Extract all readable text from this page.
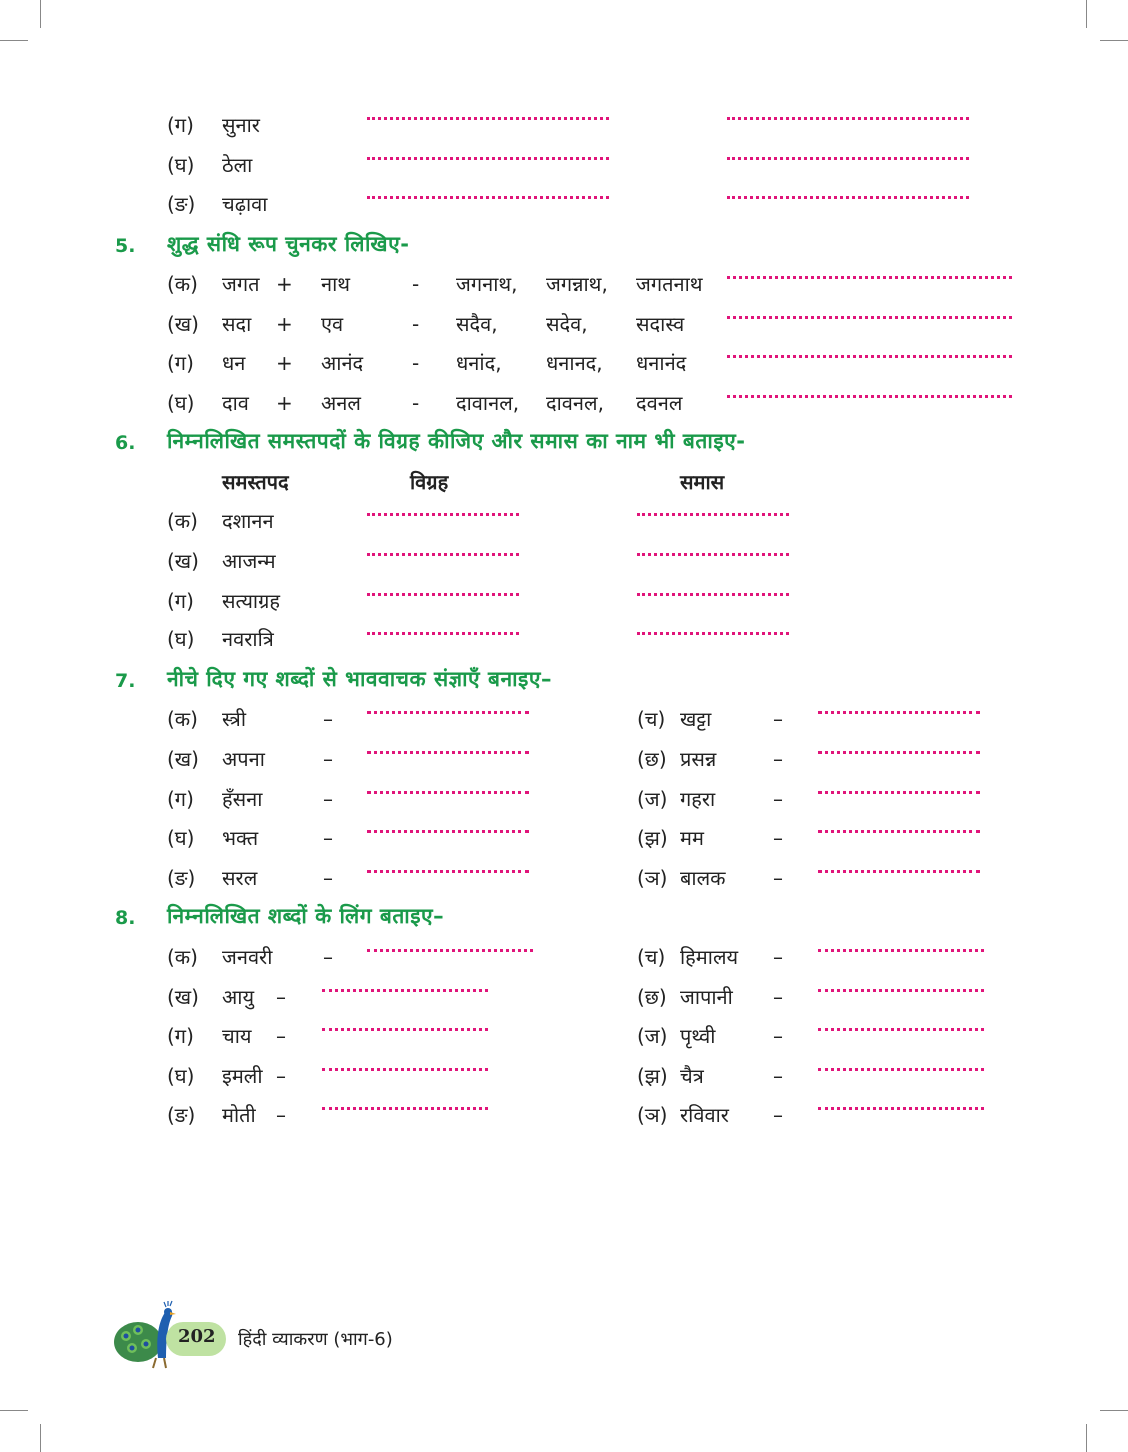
(ग) सुनार
(घ) ठेला
(ङ) चढ़ावा
5. शुद्ध संधि रूप चुनकर लिखिए-
(क) जगत + नाथ	- जगनाथ, जगन्नाथ, जगतनाथ
(ख) सदा + एव	- सदैव, सदेव, सदास्व
(ग) धन + आनंद - धनांद, धनानद, धनानंद
(घ) दाव + अनल	- दावानल, दावनल, दवनल
6. निम्नलिखित समस्तपदों के विग्रह कीजिए और समास का नाम भी बताइए-
समस्तपद	विग्रह	समास
(क) दशानन
(ख) आजन्म
(ग) सत्याग्रह
(घ) नवरात्रि
7. नीचे दिए गए शब्दों से भाववाचक संज्ञाएँ बनाइए–
(क) स्त्री	–
(ख) अपना	–
(ग) हँसना	–
(घ) भक्त	–
(ङ) सरल	–
(च) खट्टा	–
(छ) प्रसन्न	–
(ज) गहरा	–
(झ) मम	–
(ञ) बालक –
8. निम्नलिखित शब्दों के लिंग बताइए–
(क) जनवरी	–
(ख) आयु –
(ग) चाय –
(घ) इमली –
(ङ) मोती –
(च) हिमालय –
(छ) जापानी –
(ज) पृथ्वी	–
(झ) चैत्र	–
(ञ) रविवार –
202 हिंदी व्याकरण (भाग-6)
